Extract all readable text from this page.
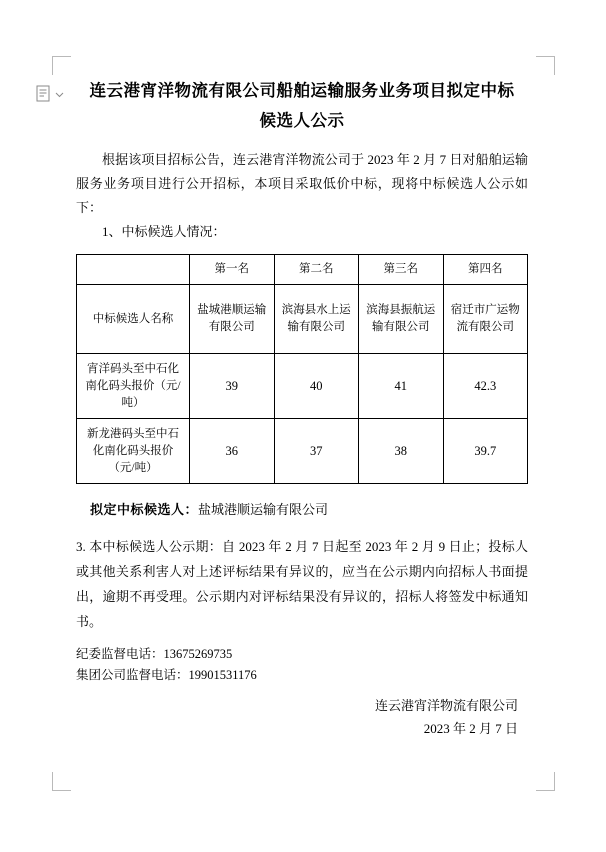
连云港宵洋物流有限公司船舶运输服务业务项目拟定中标
候选人公示
根据该项目招标公告，连云港宵洋物流公司于 2023 年 2 月 7 日对船舶运输服务业务项目进行公开招标，本项目采取低价中标，现将中标候选人公示如下：
1、中标候选人情况：
	第一名	第二名	第三名	第四名
中标候选人名称	盐城港顺运输有限公司	滨海县水上运输有限公司	滨海县振航运输有限公司	宿迁市广运物流有限公司
宵洋码头至中石化南化码头报价（元/吨）	39	40	41	42.3
新龙港码头至中石化南化码头报价（元/吨）	36	37	38	39.7
拟定中标候选人：盐城港顺运输有限公司
3. 本中标候选人公示期：自 2023 年 2 月 7 日起至 2023 年 2 月 9 日止；投标人或其他关系利害人对上述评标结果有异议的，应当在公示期内向招标人书面提出，逾期不再受理。公示期内对评标结果没有异议的，招标人将签发中标通知书。
纪委监督电话：13675269735
集团公司监督电话：19901531176
连云港宵洋物流有限公司
2023 年 2 月 7 日
